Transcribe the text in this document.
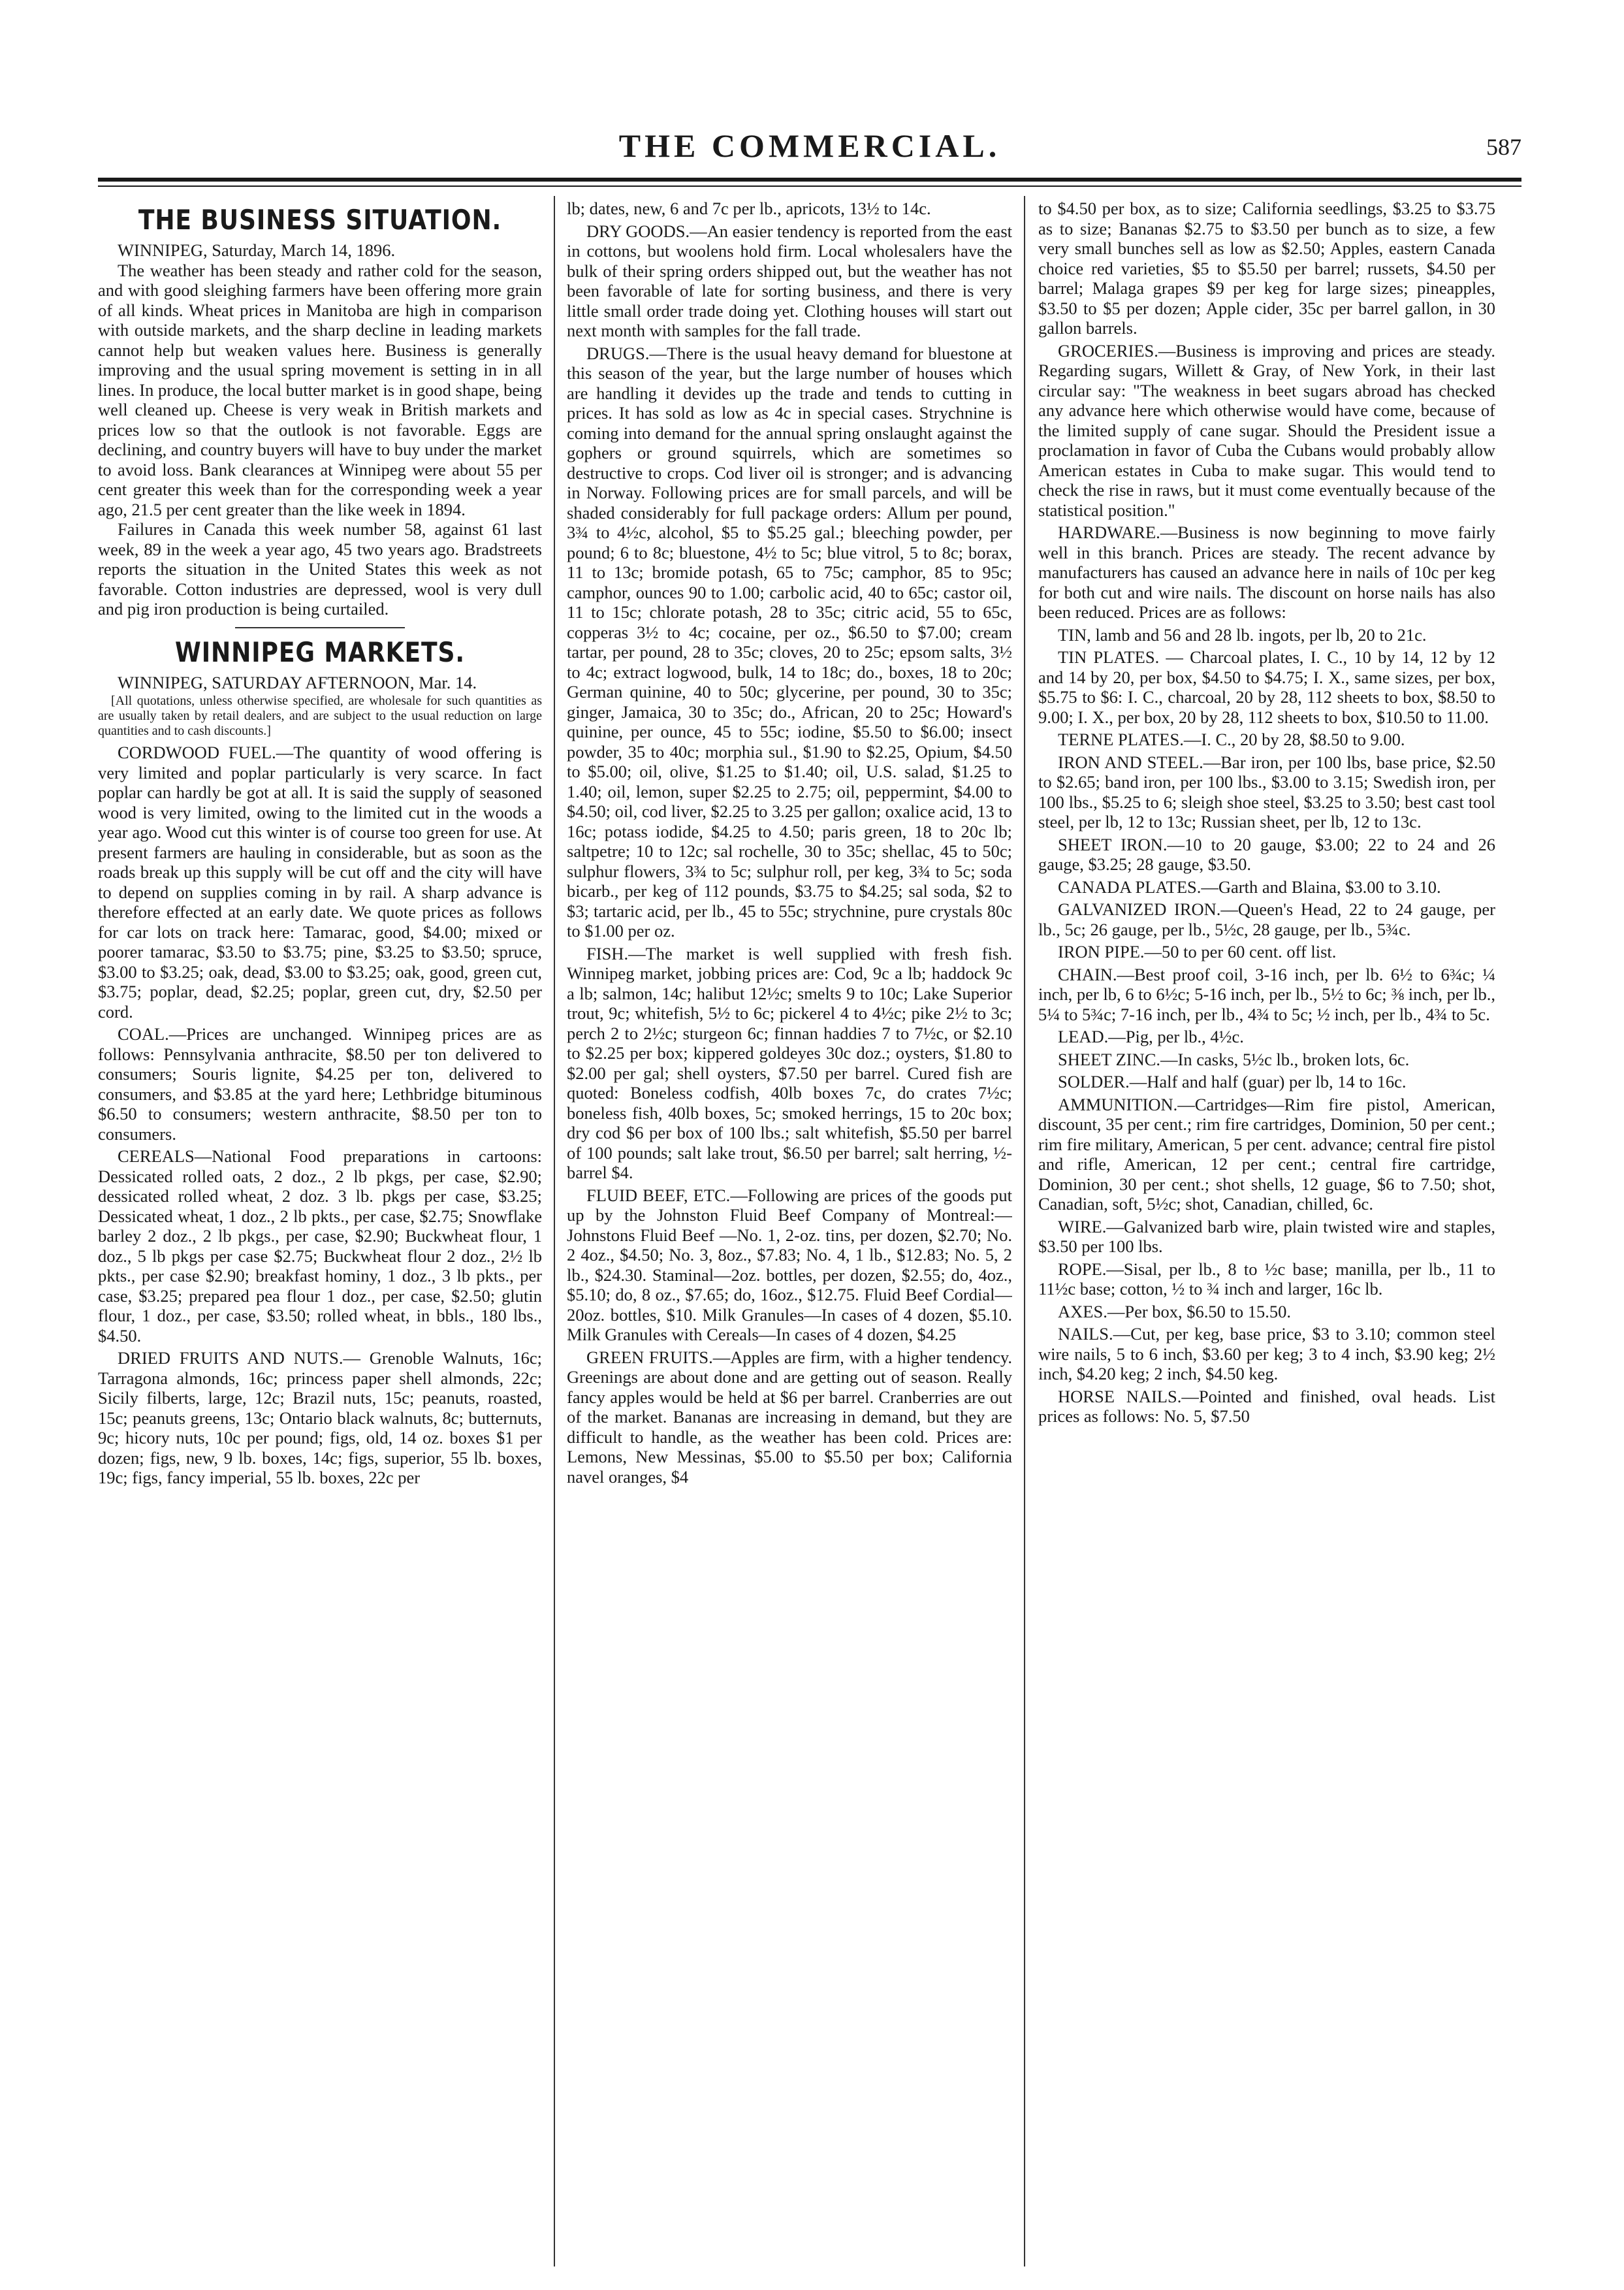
THE COMMERCIAL.	587
THE BUSINESS SITUATION.

WINNIPEG, Saturday, March 14, 1896.

The weather has been steady and rather cold for the season, and with good sleighing farmers have been offering more grain of all kinds. Wheat prices in Manitoba are high in comparison with outside markets, and the sharp decline in leading markets cannot help but weaken values here. Business is generally improving and the usual spring movement is setting in in all lines. In produce, the local butter market is in good shape, being well cleaned up. Cheese is very weak in British markets and prices low so that the outlook is not favorable. Eggs are declining, and country buyers will have to buy under the market to avoid loss. Bank clearances at Winnipeg were about 55 per cent greater this week than for the corresponding week a year ago, 21.5 per cent greater than the like week in 1894.

Failures in Canada this week number 58, against 61 last week, 89 in the week a year ago, 45 two years ago. Bradstreets reports the situation in the United States this week as not favorable. Cotton industries are depressed, wool is very dull and pig iron production is being curtailed.

WINNIPEG MARKETS.

WINNIPEG, SATURDAY AFTERNOON, Mar. 14.

[All quotations, unless otherwise specified, are wholesale for such quantities as are usually taken by retail dealers, and are subject to the usual reduction on large quantities and to cash discounts.]

CORDWOOD FUEL.—The quantity of wood offering is very limited and poplar particularly is very scarce. In fact poplar can hardly be got at all. It is said the supply of seasoned wood is very limited, owing to the limited cut in the woods a year ago. Wood cut this winter is of course too green for use. At present farmers are hauling in considerable, but as soon as the roads break up this supply will be cut off and the city will have to depend on supplies coming in by rail. A sharp advance is therefore effected at an early date. We quote prices as follows for car lots on track here: Tamarac, good, $4.00; mixed or poorer tamarac, $3.50 to $3.75; pine, $3.25 to $3.50; spruce, $3.00 to $3.25; oak, dead, $3.00 to $3.25; oak, good, green cut, $3.75; poplar, dead, $2.25; poplar, green cut, dry, $2.50 per cord.

COAL.—Prices are unchanged. Winnipeg prices are as follows: Pennsylvania anthracite, $8.50 per ton delivered to consumers; Souris lignite, $4.25 per ton, delivered to consumers, and $3.85 at the yard here; Lethbridge bituminous $6.50 to consumers; western anthracite, $8.50 per ton to consumers.

CEREALS—National Food preparations in cartoons: Dessicated rolled oats, 2 doz., 2 lb pkgs, per case, $2.90; dessicated rolled wheat, 2 doz. 3 lb. pkgs per case, $3.25; Dessicated wheat, 1 doz., 2 lb pkts., per case, $2.75; Snowflake barley 2 doz., 2 lb pkgs., per case, $2.90; Buckwheat flour, 1 doz., 5 lb pkgs per case $2.75; Buckwheat flour 2 doz., 2½ lb pkts., per case $2.90; breakfast hominy, 1 doz., 3 lb pkts., per case, $3.25; prepared pea flour 1 doz., per case, $2.50; glutin flour, 1 doz., per case, $3.50; rolled wheat, in bbls., 180 lbs., $4.50.

DRIED FRUITS AND NUTS.— Grenoble Walnuts, 16c; Tarragona almonds, 16c; princess paper shell almonds, 22c; Sicily filberts, large, 12c; Brazil nuts, 15c; peanuts, roasted, 15c; peanuts greens, 13c; Ontario black walnuts, 8c; butternuts, 9c; hicory nuts, 10c per pound; figs, old, 14 oz. boxes $1 per dozen; figs, new, 9 lb. boxes, 14c; figs, superior, 55 lb. boxes, 19c; figs, fancy imperial, 55 lb. boxes, 22c per

lb; dates, new, 6 and 7c per lb., apricots, 13½ to 14c.

DRY GOODS.—An easier tendency is reported from the east in cottons, but woolens hold firm. Local wholesalers have the bulk of their spring orders shipped out, but the weather has not been favorable of late for sorting business, and there is very little small order trade doing yet. Clothing houses will start out next month with samples for the fall trade.

DRUGS.—There is the usual heavy demand for bluestone at this season of the year, but the large number of houses which are handling it devides up the trade and tends to cutting in prices. It has sold as low as 4c in special cases. Strychnine is coming into demand for the annual spring onslaught against the gophers or ground squirrels, which are sometimes so destructive to crops. Cod liver oil is stronger; and is advancing in Norway. Following prices are for small parcels, and will be shaded considerably for full package orders: Allum per pound, 3¾ to 4½c, alcohol, $5 to $5.25 gal.; bleeching powder, per pound; 6 to 8c; bluestone, 4½ to 5c; blue vitrol, 5 to 8c; borax, 11 to 13c; bromide potash, 65 to 75c; camphor, 85 to 95c; camphor, ounces 90 to 1.00; carbolic acid, 40 to 65c; castor oil, 11 to 15c; chlorate potash, 28 to 35c; citric acid, 55 to 65c, copperas 3½ to 4c; cocaine, per oz., $6.50 to $7.00; cream tartar, per pound, 28 to 35c; cloves, 20 to 25c; epsom salts, 3½ to 4c; extract logwood, bulk, 14 to 18c; do., boxes, 18 to 20c; German quinine, 40 to 50c; glycerine, per pound, 30 to 35c; ginger, Jamaica, 30 to 35c; do., African, 20 to 25c; Howard's quinine, per ounce, 45 to 55c; iodine, $5.50 to $6.00; insect powder, 35 to 40c; morphia sul., $1.90 to $2.25, Opium, $4.50 to $5.00; oil, olive, $1.25 to $1.40; oil, U.S. salad, $1.25 to 1.40; oil, lemon, super $2.25 to 2.75; oil, peppermint, $4.00 to $4.50; oil, cod liver, $2.25 to 3.25 per gallon; oxalice acid, 13 to 16c; potass iodide, $4.25 to 4.50; paris green, 18 to 20c lb; saltpetre; 10 to 12c; sal rochelle, 30 to 35c; shellac, 45 to 50c; sulphur flowers, 3¾ to 5c; sulphur roll, per keg, 3¾ to 5c; soda bicarb., per keg of 112 pounds, $3.75 to $4.25; sal soda, $2 to $3; tartaric acid, per lb., 45 to 55c; strychnine, pure crystals 80c to $1.00 per oz.

FISH.—The market is well supplied with fresh fish. Winnipeg market, jobbing prices are: Cod, 9c a lb; haddock 9c a lb; salmon, 14c; halibut 12½c; smelts 9 to 10c; Lake Superior trout, 9c; whitefish, 5½ to 6c; pickerel 4 to 4½c; pike 2½ to 3c; perch 2 to 2½c; sturgeon 6c; finnan haddies 7 to 7½c, or $2.10 to $2.25 per box; kippered goldeyes 30c doz.; oysters, $1.80 to $2.00 per gal; shell oysters, $7.50 per barrel. Cured fish are quoted: Boneless codfish, 40lb boxes 7c, do crates 7½c; boneless fish, 40lb boxes, 5c; smoked herrings, 15 to 20c box; dry cod $6 per box of 100 lbs.; salt whitefish, $5.50 per barrel of 100 pounds; salt lake trout, $6.50 per barrel; salt herring, ½-barrel $4.

FLUID BEEF, ETC.—Following are prices of the goods put up by the Johnston Fluid Beef Company of Montreal:—Johnstons Fluid Beef —No. 1, 2-oz. tins, per dozen, $2.70; No. 2 4oz., $4.50; No. 3, 8oz., $7.83; No. 4, 1 lb., $12.83; No. 5, 2 lb., $24.30. Staminal—2oz. bottles, per dozen, $2.55; do, 4oz., $5.10; do, 8 oz., $7.65; do, 16oz., $12.75. Fluid Beef Cordial—20oz. bottles, $10. Milk Granules—In cases of 4 dozen, $5.10. Milk Granules with Cereals—In cases of 4 dozen, $4.25

GREEN FRUITS.—Apples are firm, with a higher tendency. Greenings are about done and are getting out of season. Really fancy apples would be held at $6 per barrel. Cranberries are out of the market. Bananas are increasing in demand, but they are difficult to handle, as the weather has been cold. Prices are: Lemons, New Messinas, $5.00 to $5.50 per box; California navel oranges, $4

to $4.50 per box, as to size; California seedlings, $3.25 to $3.75 as to size; Bananas $2.75 to $3.50 per bunch as to size, a few very small bunches sell as low as $2.50; Apples, eastern Canada choice red varieties, $5 to $5.50 per barrel; russets, $4.50 per barrel; Malaga grapes $9 per keg for large sizes; pineapples, $3.50 to $5 per dozen; Apple cider, 35c per barrel gallon, in 30 gallon barrels.

GROCERIES.—Business is improving and prices are steady. Regarding sugars, Willett & Gray, of New York, in their last circular say: "The weakness in beet sugars abroad has checked any advance here which otherwise would have come, because of the limited supply of cane sugar. Should the President issue a proclamation in favor of Cuba the Cubans would probably allow American estates in Cuba to make sugar. This would tend to check the rise in raws, but it must come eventually because of the statistical position."

HARDWARE.—Business is now beginning to move fairly well in this branch. Prices are steady. The recent advance by manufacturers has caused an advance here in nails of 10c per keg for both cut and wire nails. The discount on horse nails has also been reduced. Prices are as follows:

TIN, lamb and 56 and 28 lb. ingots, per lb, 20 to 21c.

TIN PLATES. — Charcoal plates, I. C., 10 by 14, 12 by 12 and 14 by 20, per box, $4.50 to $4.75; I. X., same sizes, per box, $5.75 to $6: I. C., charcoal, 20 by 28, 112 sheets to box, $8.50 to 9.00; I. X., per box, 20 by 28, 112 sheets to box, $10.50 to 11.00.

TERNE PLATES.—I. C., 20 by 28, $8.50 to 9.00.

IRON AND STEEL.—Bar iron, per 100 lbs, base price, $2.50 to $2.65; band iron, per 100 lbs., $3.00 to 3.15; Swedish iron, per 100 lbs., $5.25 to 6; sleigh shoe steel, $3.25 to 3.50; best cast tool steel, per lb, 12 to 13c; Russian sheet, per lb, 12 to 13c.

SHEET IRON.—10 to 20 gauge, $3.00; 22 to 24 and 26 gauge, $3.25; 28 gauge, $3.50.

CANADA PLATES.—Garth and Blaina, $3.00 to 3.10.

GALVANIZED IRON.—Queen's Head, 22 to 24 gauge, per lb., 5c; 26 gauge, per lb., 5½c, 28 gauge, per lb., 5¾c.

IRON PIPE.—50 to per 60 cent. off list.

CHAIN.—Best proof coil, 3-16 inch, per lb. 6½ to 6¾c; ¼ inch, per lb, 6 to 6½c; 5-16 inch, per lb., 5½ to 6c; ⅜ inch, per lb., 5¼ to 5¾c; 7-16 inch, per lb., 4¾ to 5c; ½ inch, per lb., 4¾ to 5c.

LEAD.—Pig, per lb., 4½c.

SHEET ZINC.—In casks, 5½c lb., broken lots, 6c.

SOLDER.—Half and half (guar) per lb, 14 to 16c.

AMMUNITION.—Cartridges—Rim fire pistol, American, discount, 35 per cent.; rim fire cartridges, Dominion, 50 per cent.; rim fire military, American, 5 per cent. advance; central fire pistol and rifle, American, 12 per cent.; central fire cartridge, Dominion, 30 per cent.; shot shells, 12 guage, $6 to 7.50; shot, Canadian, soft, 5½c; shot, Canadian, chilled, 6c.

WIRE.—Galvanized barb wire, plain twisted wire and staples, $3.50 per 100 lbs.

ROPE.—Sisal, per lb., 8 to ½c base; manilla, per lb., 11 to 11½c base; cotton, ½ to ¾ inch and larger, 16c lb.

AXES.—Per box, $6.50 to 15.50.

NAILS.—Cut, per keg, base price, $3 to 3.10; common steel wire nails, 5 to 6 inch, $3.60 per keg; 3 to 4 inch, $3.90 keg; 2½ inch, $4.20 keg; 2 inch, $4.50 keg.

HORSE NAILS.—Pointed and finished, oval heads. List prices as follows: No. 5, $7.50
